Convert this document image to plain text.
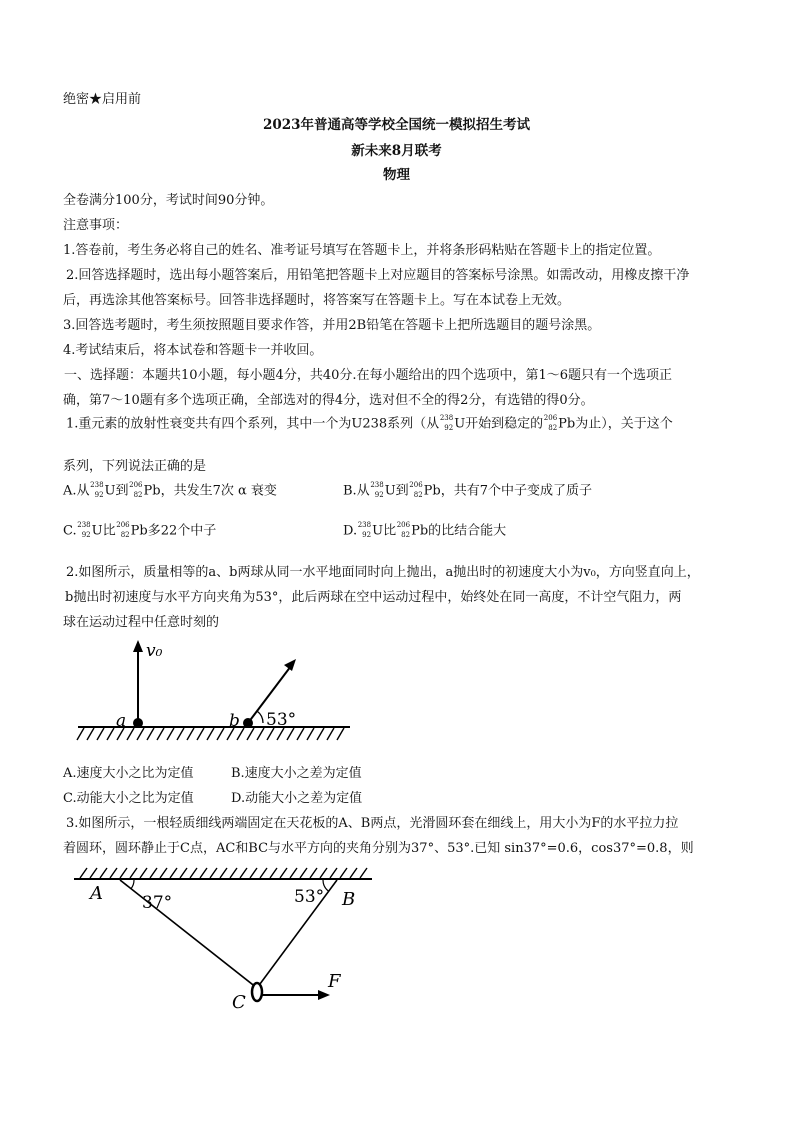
绝密★启用前
2023年普通高等学校全国统一模拟招生考试
新未来8月联考
物理
全卷满分100分，考试时间90分钟。
注意事项：
1.答卷前，考生务必将自己的姓名、准考证号填写在答题卡上，并将条形码粘贴在答题卡上的指定位置。
2.回答选择题时，选出每小题答案后，用铅笔把答题卡上对应题目的答案标号涂黑。如需改动，用橡皮擦干净
后，再选涂其他答案标号。回答非选择题时，将答案写在答题卡上。写在本试卷上无效。
3.回答选考题时，考生须按照题目要求作答，并用2B铅笔在答题卡上把所选题目的题号涂黑。
4.考试结束后，将本试卷和答题卡一并收回。
一、选择题：本题共10小题，每小题4分，共40分.在每小题给出的四个选项中，第1～6题只有一个选项正
确，第7～10题有多个选项正确，全部选对的得4分，选对但不全的得2分，有选错的得0分。
1.重元素的放射性衰变共有四个系列，其中一个为U238系列（从 238
92 U开始到稳定的 206
82 Pb为止），关于这个
系列，下列说法正确的是
A.从 238
92 U到 206
82 Pb，共发生7次 α 衰变	B.从 238
92 U到 206
82 Pb，共有7个中子变成了质子
C. 238
92 U比 206
82 Pb多22个中子	D. 238
92 U比 206
82 Pb的比结合能大
2.如图所示，质量相等的a、b两球从同一水平地面同时向上抛出，a抛出时的初速度大小为v₀，方向竖直向上，
b抛出时初速度与水平方向夹角为53°，此后两球在空中运动过程中，始终处在同一高度，不计空气阻力，两
球在运动过程中任意时刻的
v₀
a	b 53°
A.速度大小之比为定值	B.速度大小之差为定值
C.动能大小之比为定值	D.动能大小之差为定值
3.如图所示，一根轻质细线两端固定在天花板的A、B两点，光滑圆环套在细线上，用大小为F的水平拉力拉
着圆环，圆环静止于C点，AC和BC与水平方向的夹角分别为37°、53°.已知 sin37°=0.6，cos37°=0.8，则
A 37°	53° B
C
F
